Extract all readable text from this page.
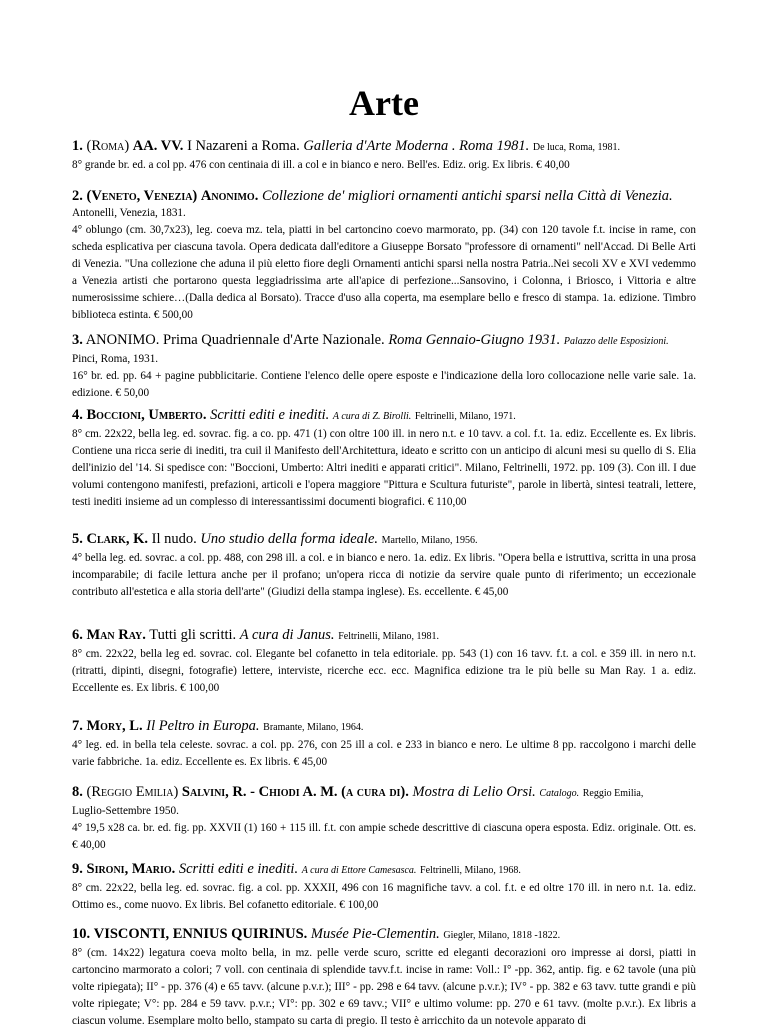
Arte

1. (Roma) AA. VV. I Nazareni a Roma. Galleria d'Arte Moderna . Roma 1981. De luca, Roma, 1981.

8° grande br. ed. a col pp. 476 con centinaia di ill. a col e in bianco e nero. Bell'es. Ediz. orig. Ex libris. € 40,00

2. (Veneto, Venezia) Anonimo. Collezione de' migliori ornamenti antichi sparsi nella Città di Venezia.

Antonelli, Venezia, 1831.

4° oblungo (cm. 30,7x23), leg. coeva mz. tela, piatti in bel cartoncino coevo marmorato, pp. (34) con 120 tavole f.t. incise in rame, con scheda esplicativa per ciascuna tavola. Opera dedicata dall'editore a Giuseppe Borsato "professore di ornamenti" nell'Accad. Di Belle Arti di Venezia. "Una collezione che aduna il più eletto fiore degli Ornamenti antichi sparsi nella nostra Patria..Nei secoli XV e XVI vedemmo a Venezia artisti che portarono questa leggiadrissima arte all'apice di perfezione...Sansovino, i Colonna, i Briosco, i Vittoria e altre numerosissime schiere…(Dalla dedica al Borsato). Tracce d'uso alla coperta, ma esemplare bello e fresco di stampa. 1a. edizione. Timbro biblioteca estinta. € 500,00

3. ANONIMO. Prima Quadriennale d'Arte Nazionale. Roma Gennaio-Giugno 1931. Palazzo delle Esposizioni.

Pinci, Roma, 1931.

16° br. ed. pp. 64 + pagine pubblicitarie. Contiene l'elenco delle opere esposte e l'indicazione della loro collocazione nelle varie sale. 1a. edizione. € 50,00

4. Boccioni, Umberto. Scritti editi e inediti. A cura di Z. Birolli. Feltrinelli, Milano, 1971.

8° cm. 22x22, bella leg. ed. sovrac. fig. a co. pp. 471 (1) con oltre 100 ill. in nero n.t. e 10 tavv. a col. f.t. 1a. ediz. Eccellente es. Ex libris. Contiene una ricca serie di inediti, tra cuil il Manifesto dell'Architettura, ideato e scritto con un anticipo di alcuni mesi su quello di S. Elia dell'inizio del '14. Si spedisce con: "Boccioni, Umberto: Altri inediti e apparati critici". Milano, Feltrinelli, 1972. pp. 109 (3). Con ill. I due volumi contengono manifesti, prefazioni, articoli e l'opera maggiore "Pittura e Scultura futuriste", parole in libertà, sintesi teatrali, lettere, testi inediti insieme ad un complesso di interessantissimi documenti biografici. € 110,00

5. Clark, K. Il nudo. Uno studio della forma ideale. Martello, Milano, 1956.

4° bella leg. ed. sovrac. a col. pp. 488, con 298 ill. a col. e in bianco e nero. 1a. ediz. Ex libris. "Opera bella e istruttiva, scritta in una prosa incomparabile; di facile lettura anche per il profano; un'opera ricca di notizie da servire quale punto di riferimento; un eccezionale contributo all'estetica e alla storia dell'arte" (Giudizi della stampa inglese). Es. eccellente. € 45,00

6. Man Ray. Tutti gli scritti. A cura di Janus. Feltrinelli, Milano, 1981.

8° cm. 22x22, bella leg ed. sovrac. col. Elegante bel cofanetto in tela editoriale. pp. 543 (1) con 16 tavv. f.t. a col. e 359 ill. in nero n.t.(ritratti, dipinti, disegni, fotografie) lettere, interviste, ricerche ecc. ecc. Magnifica edizione tra le più belle su Man Ray. 1 a. ediz. Eccellente es. Ex libris. € 100,00

7. Mory, L. Il Peltro in Europa. Bramante, Milano, 1964.

4° leg. ed. in bella tela celeste. sovrac. a col. pp. 276, con 25 ill a col. e 233 in bianco e nero. Le ultime 8 pp. raccolgono i marchi delle varie fabbriche. 1a. ediz. Eccellente es. Ex libris. € 45,00

8. (Reggio Emilia) Salvini, R. - Chiodi A. M. (a cura di). Mostra di Lelio Orsi. Catalogo. Reggio Emilia,

Luglio-Settembre 1950.

4° 19,5 x28 ca. br. ed. fig. pp. XXVII (1) 160 + 115 ill. f.t. con ampie schede descrittive di ciascuna opera esposta. Ediz. originale. Ott. es. € 40,00

9. Sironi, Mario. Scritti editi e inediti. A cura di Ettore Camesasca. Feltrinelli, Milano, 1968.

8° cm. 22x22, bella leg. ed. sovrac. fig. a col. pp. XXXII, 496 con 16 magnifiche tavv. a col. f.t. e ed oltre 170 ill. in nero n.t. 1a. ediz. Ottimo es., come nuovo. Ex libris. Bel cofanetto editoriale. € 100,00

10. VISCONTI, ENNIUS QUIRINUS. Musée Pie-Clementin. Giegler, Milano, 1818 -1822.

8° (cm. 14x22) legatura coeva molto bella, in mz. pelle verde scuro, scritte ed eleganti decorazioni oro impresse ai dorsi, piatti in cartoncino marmorato a colori; 7 voll. con centinaia di splendide tavv.f.t. incise in rame: Voll.: I° -pp. 362, antip. fig. e 62 tavole (una più volte ripiegata); II° - pp. 376 (4) e 65 tavv. (alcune p.v.r.); III° - pp. 298 e 64 tavv. (alcune p.v.r.); IV° - pp. 382 e 63 tavv. tutte grandi e più volte ripiegate; V°: pp. 284 e 59 tavv. p.v.r.; VI°: pp. 302 e 69 tavv.; VII° e ultimo volume: pp. 270 e 61 tavv. (molte p.v.r.). Ex libris a ciascun volume. Esemplare molto bello, stampato su carta di pregio. Il testo è arricchito da un notevole apparato di
